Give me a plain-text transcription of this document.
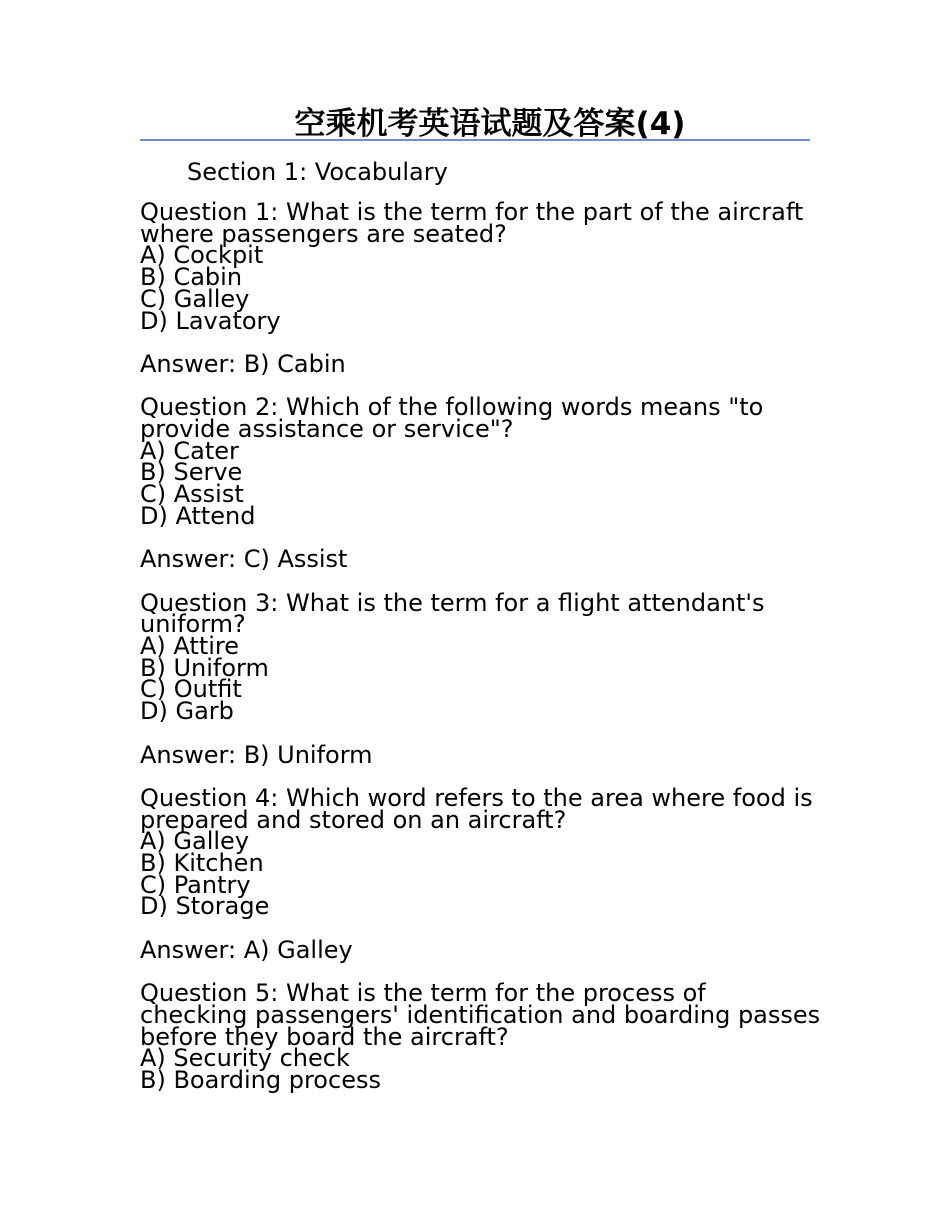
空乘机考英语试题及答案(4)
Section 1: Vocabulary
Question 1: What is the term for the part of the aircraft
where passengers are seated?
A) Cockpit
B) Cabin
C) Galley
D) Lavatory
Answer: B) Cabin
Question 2: Which of the following words means "to
provide assistance or service"?
A) Cater
B) Serve
C) Assist
D) Attend
Answer: C) Assist
Question 3: What is the term for a flight attendant's
uniform?
A) Attire
B) Uniform
C) Outfit
D) Garb
Answer: B) Uniform
Question 4: Which word refers to the area where food is
prepared and stored on an aircraft?
A) Galley
B) Kitchen
C) Pantry
D) Storage
Answer: A) Galley
Question 5: What is the term for the process of
checking passengers' identification and boarding passes
before they board the aircraft?
A) Security check
B) Boarding process
